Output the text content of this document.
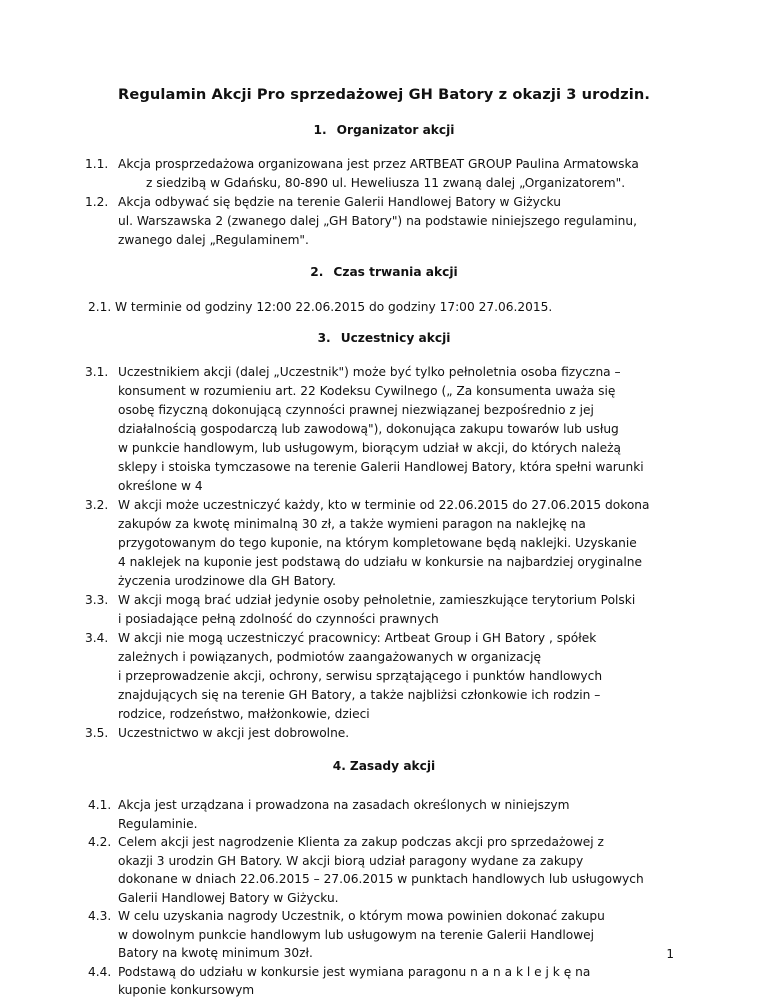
Regulamin Akcji Pro sprzedażowej GH Batory z okazji 3 urodzin.
1. Organizator akcji
1.1. Akcja prosprzedażowa organizowana jest przez ARTBEAT GROUP Paulina Armatowska
z siedzibą w Gdańsku, 80-890 ul. Heweliusza 11 zwaną dalej „Organizatorem".
1.2. Akcja odbywać się będzie na terenie Galerii Handlowej Batory w Giżycku
ul. Warszawska 2 (zwanego dalej „GH Batory") na podstawie niniejszego regulaminu,
zwanego dalej „Regulaminem".
2. Czas trwania akcji
2.1. W terminie od godziny 12:00 22.06.2015 do godziny 17:00 27.06.2015.
3. Uczestnicy akcji
3.1. Uczestnikiem akcji (dalej „Uczestnik") może być tylko pełnoletnia osoba fizyczna –
konsument w rozumieniu art. 22 Kodeksu Cywilnego („ Za konsumenta uważa się
osobę fizyczną dokonującą czynności prawnej niezwiązanej bezpośrednio z jej
działalnością gospodarczą lub zawodową"), dokonująca zakupu towarów lub usług
w punkcie handlowym, lub usługowym, biorącym udział w akcji, do których należą
sklepy i stoiska tymczasowe na terenie Galerii Handlowej Batory, która spełni warunki
określone w 4
3.2. W akcji może uczestniczyć każdy, kto w terminie od 22.06.2015 do 27.06.2015 dokona
zakupów za kwotę minimalną 30 zł, a także wymieni paragon na naklejkę na
przygotowanym do tego kuponie, na którym kompletowane będą naklejki. Uzyskanie
4 naklejek na kuponie jest podstawą do udziału w konkursie na najbardziej oryginalne
życzenia urodzinowe dla GH Batory.
3.3. W akcji mogą brać udział jedynie osoby pełnoletnie, zamieszkujące terytorium Polski
i posiadające pełną zdolność do czynności prawnych
3.4. W akcji nie mogą uczestniczyć pracownicy: Artbeat Group i GH Batory , spółek
zależnych i powiązanych, podmiotów zaangażowanych w organizację
i przeprowadzenie akcji, ochrony, serwisu sprzątającego i punktów handlowych
znajdujących się na terenie GH Batory, a także najbliżsi członkowie ich rodzin –
rodzice, rodzeństwo, małżonkowie, dzieci
3.5. Uczestnictwo w akcji jest dobrowolne.
4. Zasady akcji
4.1. Akcja jest urządzana i prowadzona na zasadach określonych w niniejszym
Regulaminie.
4.2. Celem akcji jest nagrodzenie Klienta za zakup podczas akcji pro sprzedażowej z
okazji 3 urodzin GH Batory. W akcji biorą udział paragony wydane za zakupy
dokonane w dniach 22.06.2015 – 27.06.2015 w punktach handlowych lub usługowych
Galerii Handlowej Batory w Giżycku.
4.3. W celu uzyskania nagrody Uczestnik, o którym mowa powinien dokonać zakupu
w dowolnym punkcie handlowym lub usługowym na terenie Galerii Handlowej
Batory na kwotę minimum 30zł.
4.4. Podstawą do udziału w konkursie jest wymiana paragonu n a n a k l e j k ę na
kuponie konkursowym
1
